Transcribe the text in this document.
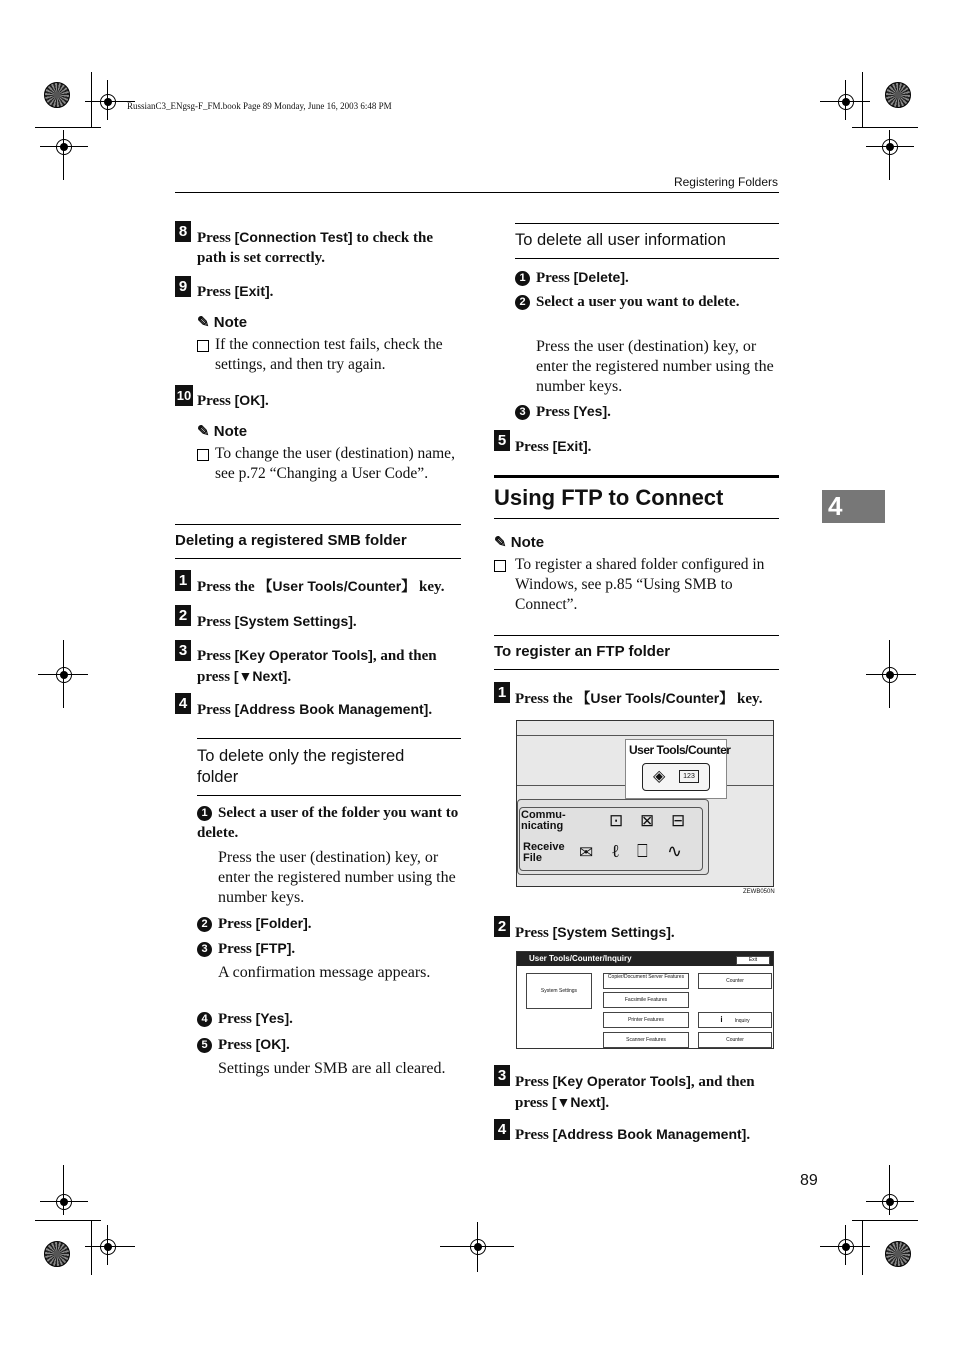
RussianC3_ENgsg-F_FM.book Page 89 Monday, June 16, 2003 6:48 PM
Registering Folders
4
8 Press [Connection Test] to check the path is set correctly.
9 Press [Exit].
✎ Note
If the connection test fails, check the settings, and then try again.
10 Press [OK].
✎ Note
To change the user (destination) name, see p.72 “Changing a User Code”.
Deleting a registered SMB folder
1 Press the 【User Tools/Counter】 key.
2 Press [System Settings].
3 Press [Key Operator Tools], and then press [▼Next].
4 Press [Address Book Management].
To delete only the registered folder
1 Select a user of the folder you want to delete.
Press the user (destination) key, or enter the registered number using the number keys.
2 Press [Folder].
3 Press [FTP].
A confirmation message appears.
4 Press [Yes].
5 Press [OK].
Settings under SMB are all cleared.
To delete all user information
1 Press [Delete].
2 Select a user you want to delete.
Press the user (destination) key, or enter the registered number using the number keys.
3 Press [Yes].
5 Press [Exit].
Using FTP to Connect
✎ Note
To register a shared folder configured in Windows, see p.85 “Using SMB to Connect”.
To register an FTP folder
1 Press the 【User Tools/Counter】 key.
User Tools/Counter
◈	123
Commu-
nicating
Receive
File
⊡ ⊠ ⊟
✉ ℓ ⎕ ∿
ZEWB050N
2 Press [System Settings].
User Tools/Counter/Inquiry	Exit
System Settings
Copier/Document Server Features
Facsimile Features
Printer Features
Scanner Features
Counter
i Inquiry
Counter
3 Press [Key Operator Tools], and then press [▼Next].
4 Press [Address Book Management].
89
